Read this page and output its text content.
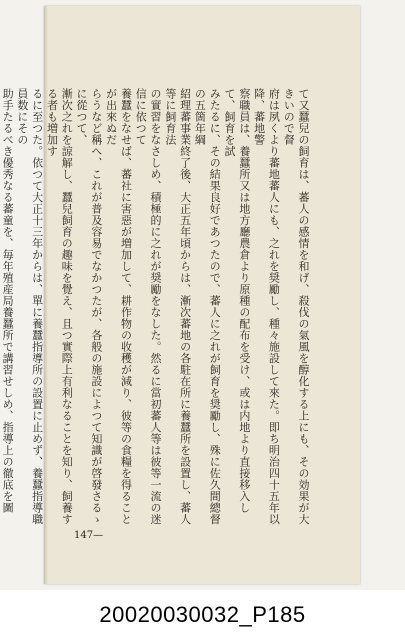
て又蠶兒の飼育は、蕃人の感情を和げ、殺伐の氣風を醇化する上にも、その効果が大きいので督
府は夙くより蕃地蕃人にも、之れを奨勵し、種々施設して來た。即ち明治四十五年以降、蕃地警
察職員は、養蠶所又は地方廳農倉より原種の配布を受け、或は内地より直接移入して、飼育を試
みたるに、その結果良好であつたので、蕃人に之れが飼育を奨勵し、殊に佐久間總督の五箇年綱
紹理蕃事業終了後、大正五年頃からは、漸次蕃地の各駐在所に養蠶所を設置し、蕃人等に飼育法
の實習をなさしめ、積極的に之れが奨勵をなした。然るに當初蕃人等は彼等一流の迷信に依つて
養蠶をなせば、蕃社に害惡が増加して、耕作物の收穫が減り、彼等の食糧を得ることが出來ぬだ
らうなど稱へ、これが普及容易でなかつたが、各般の施設によつて知識が啓發さるゝに從つて、
漸次之れを諒解し、蠶兒飼育の趣味を覺え、且つ實際上有利なることを知り、飼養する者も増加す
るに至つた。依つて大正十三年からは、單に養蠶指導所の設置に止めず、養蠶指導職員数にその
助手たるべき優秀なる蕃童を、毎年殖産局養蠶所で講習せしめ、指導上の徹底を圖
147—
20020030032_P185
